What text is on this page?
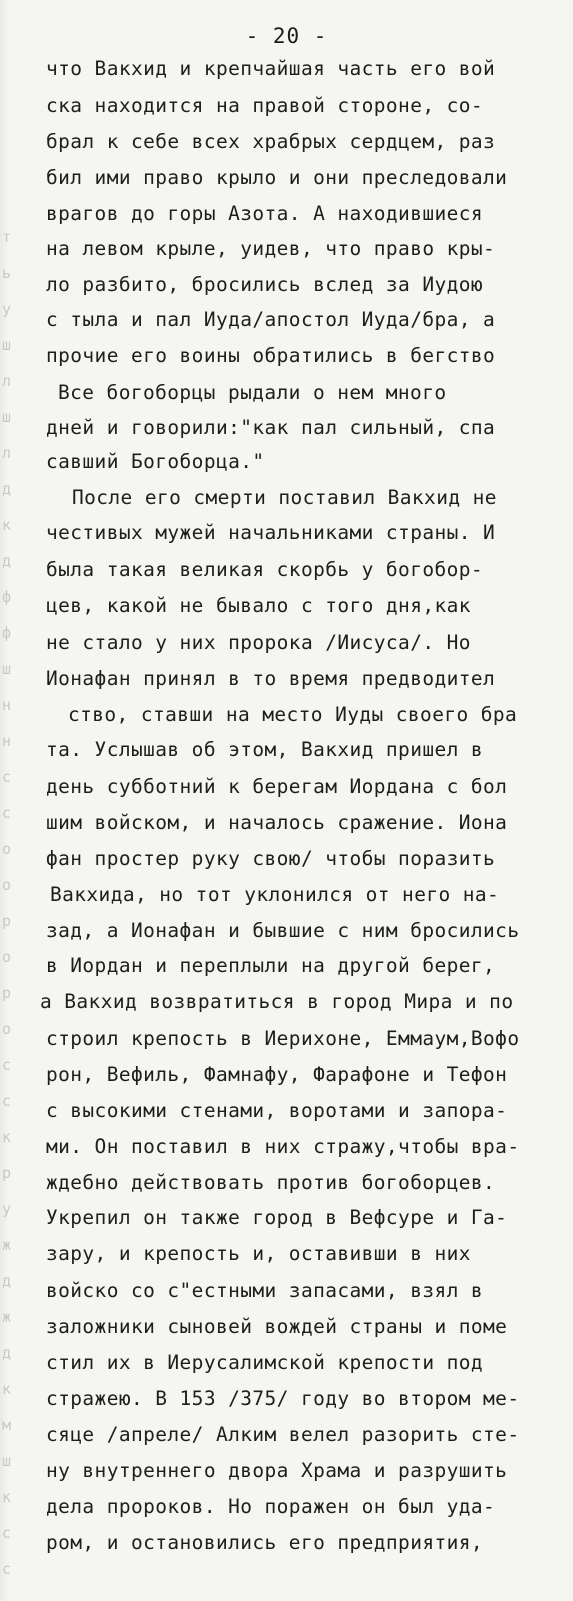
т
ь
у
ш
л
ш
л
д
к
д
ф
ф
ш
н
н
с
с
о
о
р
о
р
о
с
с
к
р
у
ж
д
ж
д
к
м
ш
к
с
с
- 20 -
что Вакхид и крепчайшая часть его вой
ска находится на правой стороне, со-
брал к себе всех храбрых сердцем, раз
бил ими право крыло и они преследовали
врагов до горы Азота. А находившиеся
на левом крыле, уидев, что право кры-
ло разбито, бросились вслед за Иудою
с тыла и пал Иуда/апостол Иуда/бра, а
прочие его воины обратились в бегство
Все богоборцы рыдали о нем много
дней и говорили:"как пал сильный, спа
савший Богоборца."
После его смерти поставил Вакхид не
честивых мужей начальниками страны. И
была такая великая скорбь у богобор-
цев, какой не бывало с того дня,как
не стало у них пророка /Иисуса/. Но
Ионафан принял в то время предводител
ство, ставши на место Иуды своего бра
та. Услышав об этом, Вакхид пришел в
день субботний к берегам Иордана с бол
шим войском, и началось сражение. Иона
фан простер руку свою/ чтобы поразить
Вакхида, но тот уклонился от него на-
зад, а Ионафан и бывшие с ним бросились
в Иордан и переплыли на другой берег,
а Вакхид возвратиться в город Мира и по
строил крепость в Иерихоне, Еммаум,Вофо
рон, Вефиль, Фамнафу, Фарафоне и Тефон
с высокими стенами, воротами и запора-
ми. Он поставил в них стражу,чтобы вра-
ждебно действовать против богоборцев.
Укрепил он также город в Вефсуре и Га-
зару, и крепость и, оставивши в них
войско со с"естными запасами, взял в
заложники сыновей вождей страны и поме
стил их в Иерусалимской крепости под
стражею. В 153 /375/ году во втором ме-
сяце /апреле/ Алким велел разорить сте-
ну внутреннего двора Храма и разрушить
дела пророков. Но поражен он был уда-
ром, и остановились его предприятия,
